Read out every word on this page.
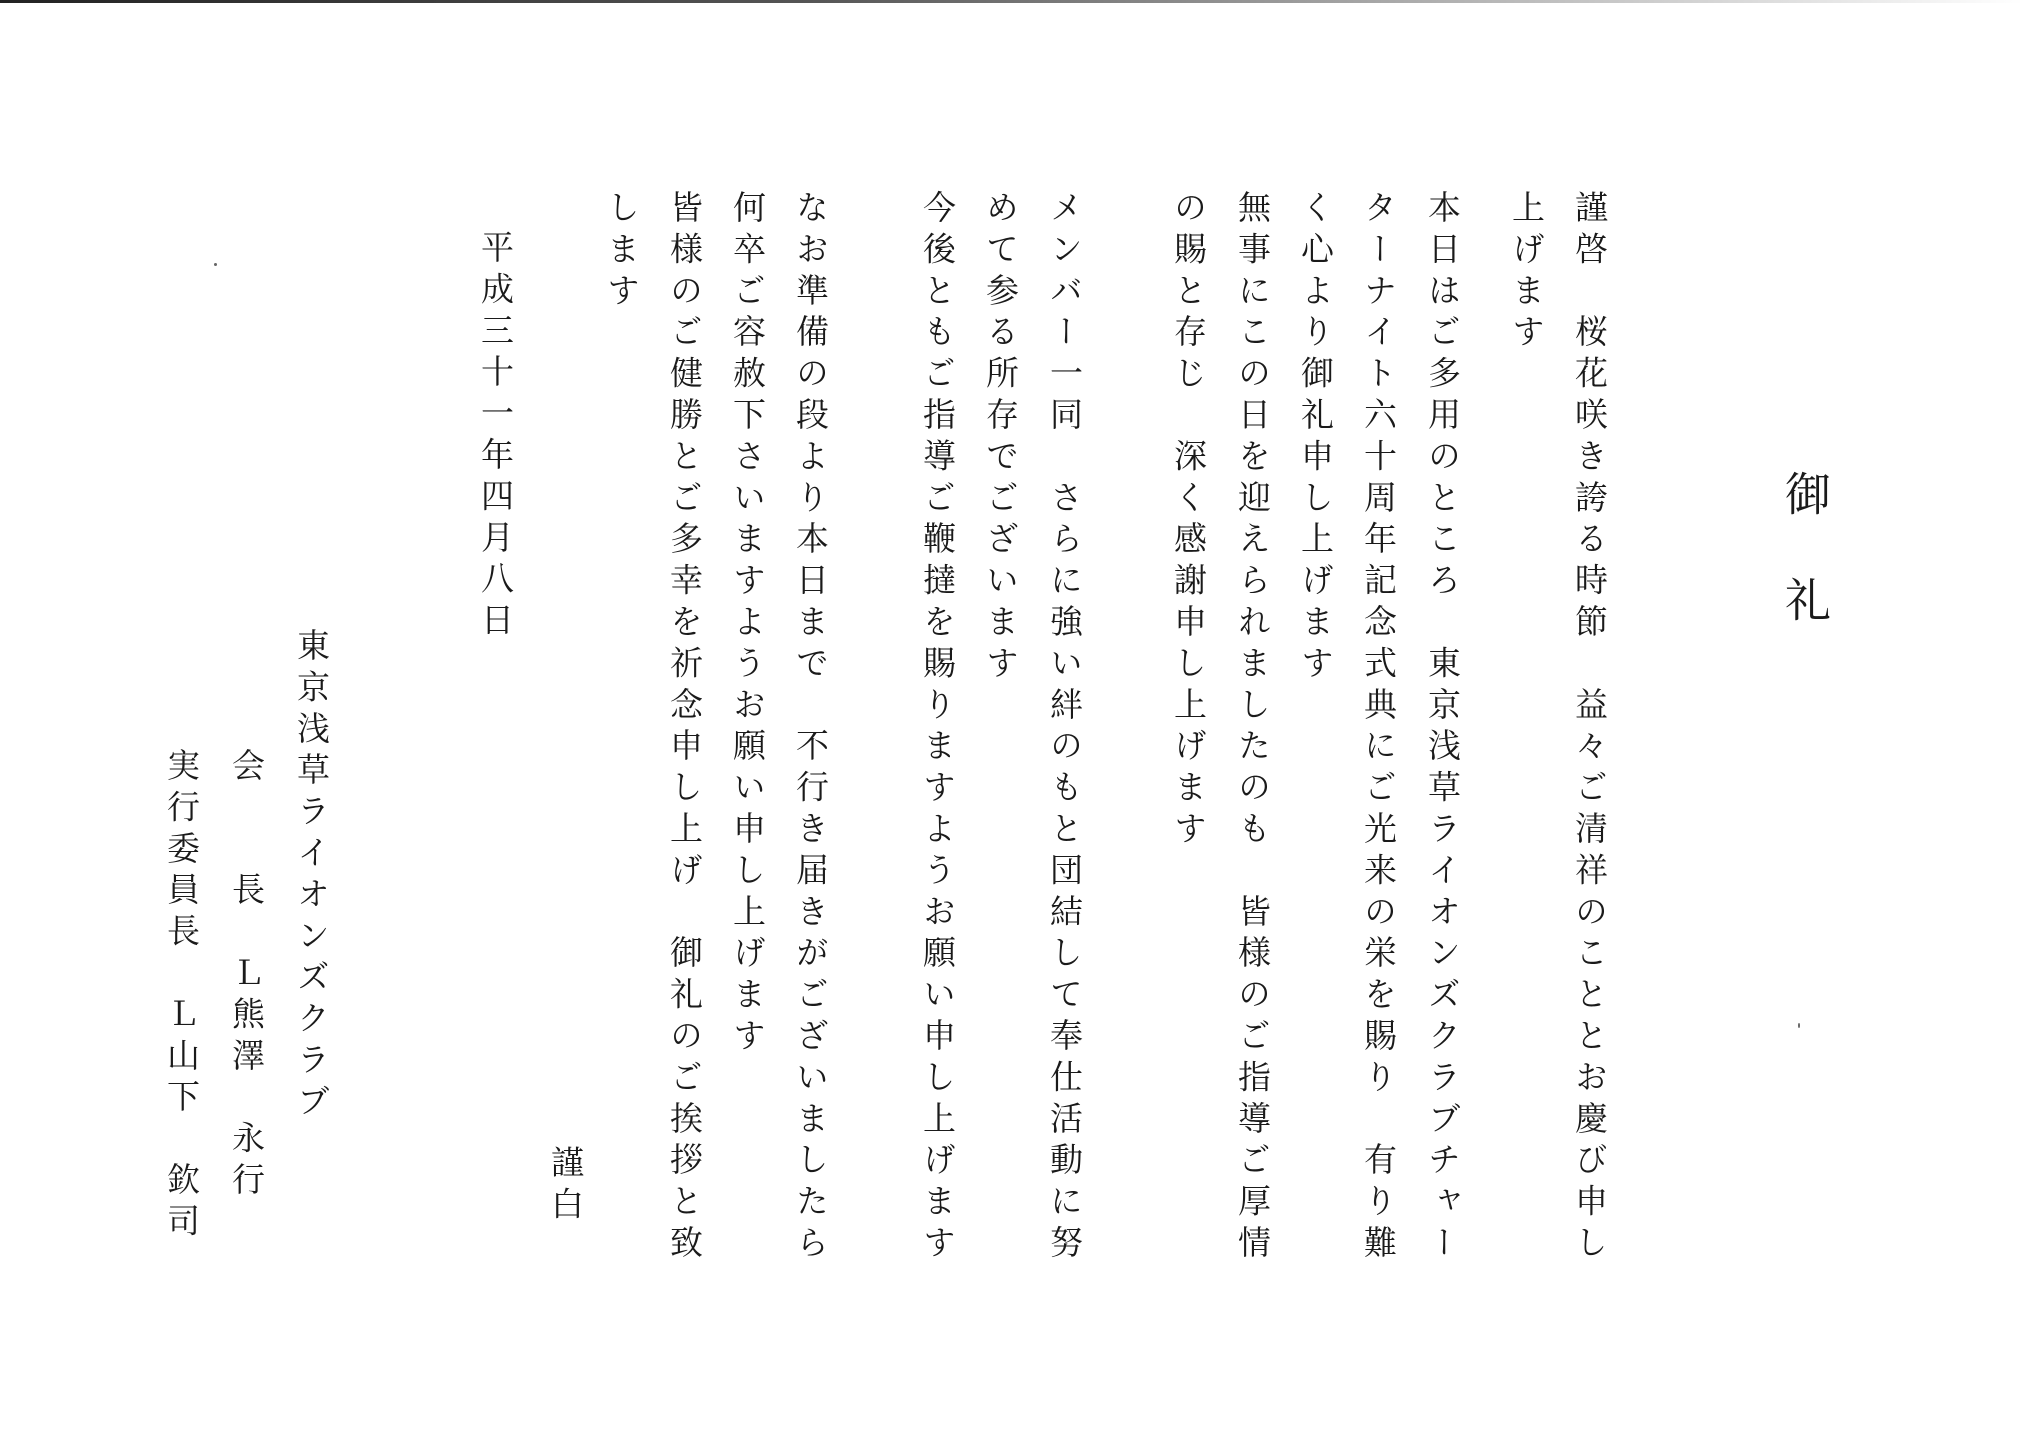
御礼
謹啓　桜花咲き誇る時節　益々ご清祥のこととお慶び申し
上げます
本日はご多用のところ　東京浅草ライオンズクラブチャー
ターナイト六十周年記念式典にご光来の栄を賜り　有り難
く心より御礼申し上げます
無事にこの日を迎えられましたのも　皆様のご指導ご厚情
の賜と存じ　深く感謝申し上げます
メンバー一同　さらに強い絆のもと団結して奉仕活動に努
めて参る所存でございます
今後ともご指導ご鞭撻を賜りますようお願い申し上げます
なお準備の段より本日まで　不行き届きがございましたら
何卒ご容赦下さいますようお願い申し上げます
皆様のご健勝とご多幸を祈念申し上げ　御礼のご挨拶と致
します
謹白
平成三十一年四月八日
東京浅草ライオンズクラブ
会　　長　Ｌ熊澤　永行
実行委員長　Ｌ山下　欽司
